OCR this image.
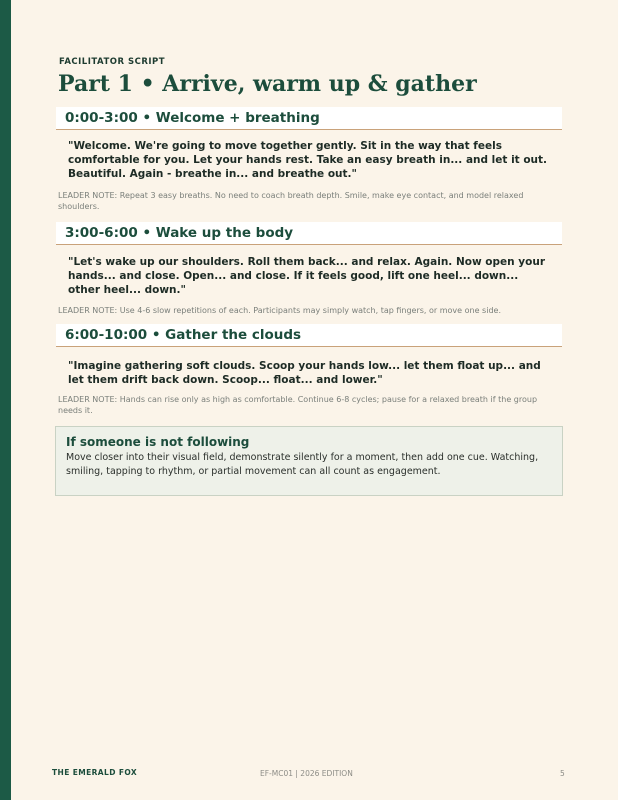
FACILITATOR SCRIPT
Part 1 • Arrive, warm up & gather
0:00-3:00 • Welcome + breathing

"Welcome. We're going to move together gently. Sit in the way that feels comfortable for you. Let your hands rest. Take an easy breath in... and let it out. Beautiful. Again - breathe in... and breathe out."

LEADER NOTE: Repeat 3 easy breaths. No need to coach breath depth. Smile, make eye contact, and model relaxed shoulders.

3:00-6:00 • Wake up the body

"Let's wake up our shoulders. Roll them back... and relax. Again. Now open your hands... and close. Open... and close. If it feels good, lift one heel... down... other heel... down."

LEADER NOTE: Use 4-6 slow repetitions of each. Participants may simply watch, tap fingers, or move one side.

6:00-10:00 • Gather the clouds

"Imagine gathering soft clouds. Scoop your hands low... let them float up... and let them drift back down. Scoop... float... and lower."

LEADER NOTE: Hands can rise only as high as comfortable. Continue 6-8 cycles; pause for a relaxed breath if the group needs it.

If someone is not following

Move closer into their visual field, demonstrate silently for a moment, then add one cue. Watching, smiling, tapping to rhythm, or partial movement can all count as engagement.

THE EMERALD FOX	EF-MC01 | 2026 EDITION	5
